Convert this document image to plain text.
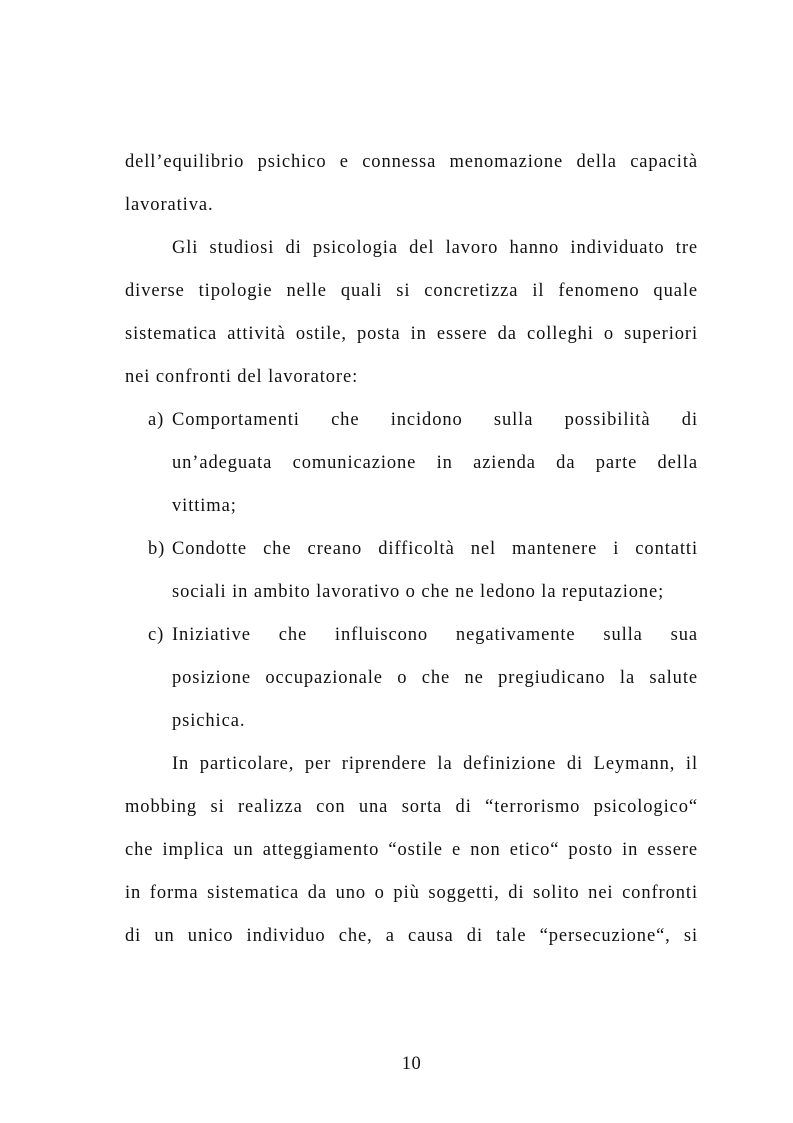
dell’equilibrio psichico e connessa menomazione della capacità
lavorativa.
Gli studiosi di psicologia del lavoro hanno individuato tre
diverse tipologie nelle quali si concretizza il fenomeno quale
sistematica attività ostile, posta in essere da colleghi o superiori
nei confronti del lavoratore:
a) Comportamenti che incidono sulla possibilità di
un’adeguata comunicazione in azienda da parte della
vittima;
b) Condotte che creano difficoltà nel mantenere i contatti
sociali in ambito lavorativo o che ne ledono la reputazione;
c) Iniziative che influiscono negativamente sulla sua
posizione occupazionale o che ne pregiudicano la salute
psichica.
In particolare, per riprendere la definizione di Leymann, il
mobbing si realizza con una sorta di “terrorismo psicologico“
che implica un atteggiamento “ostile e non etico“ posto in essere
in forma sistematica da uno o più soggetti, di solito nei confronti
di un unico individuo che, a causa di tale “persecuzione“, si
10
